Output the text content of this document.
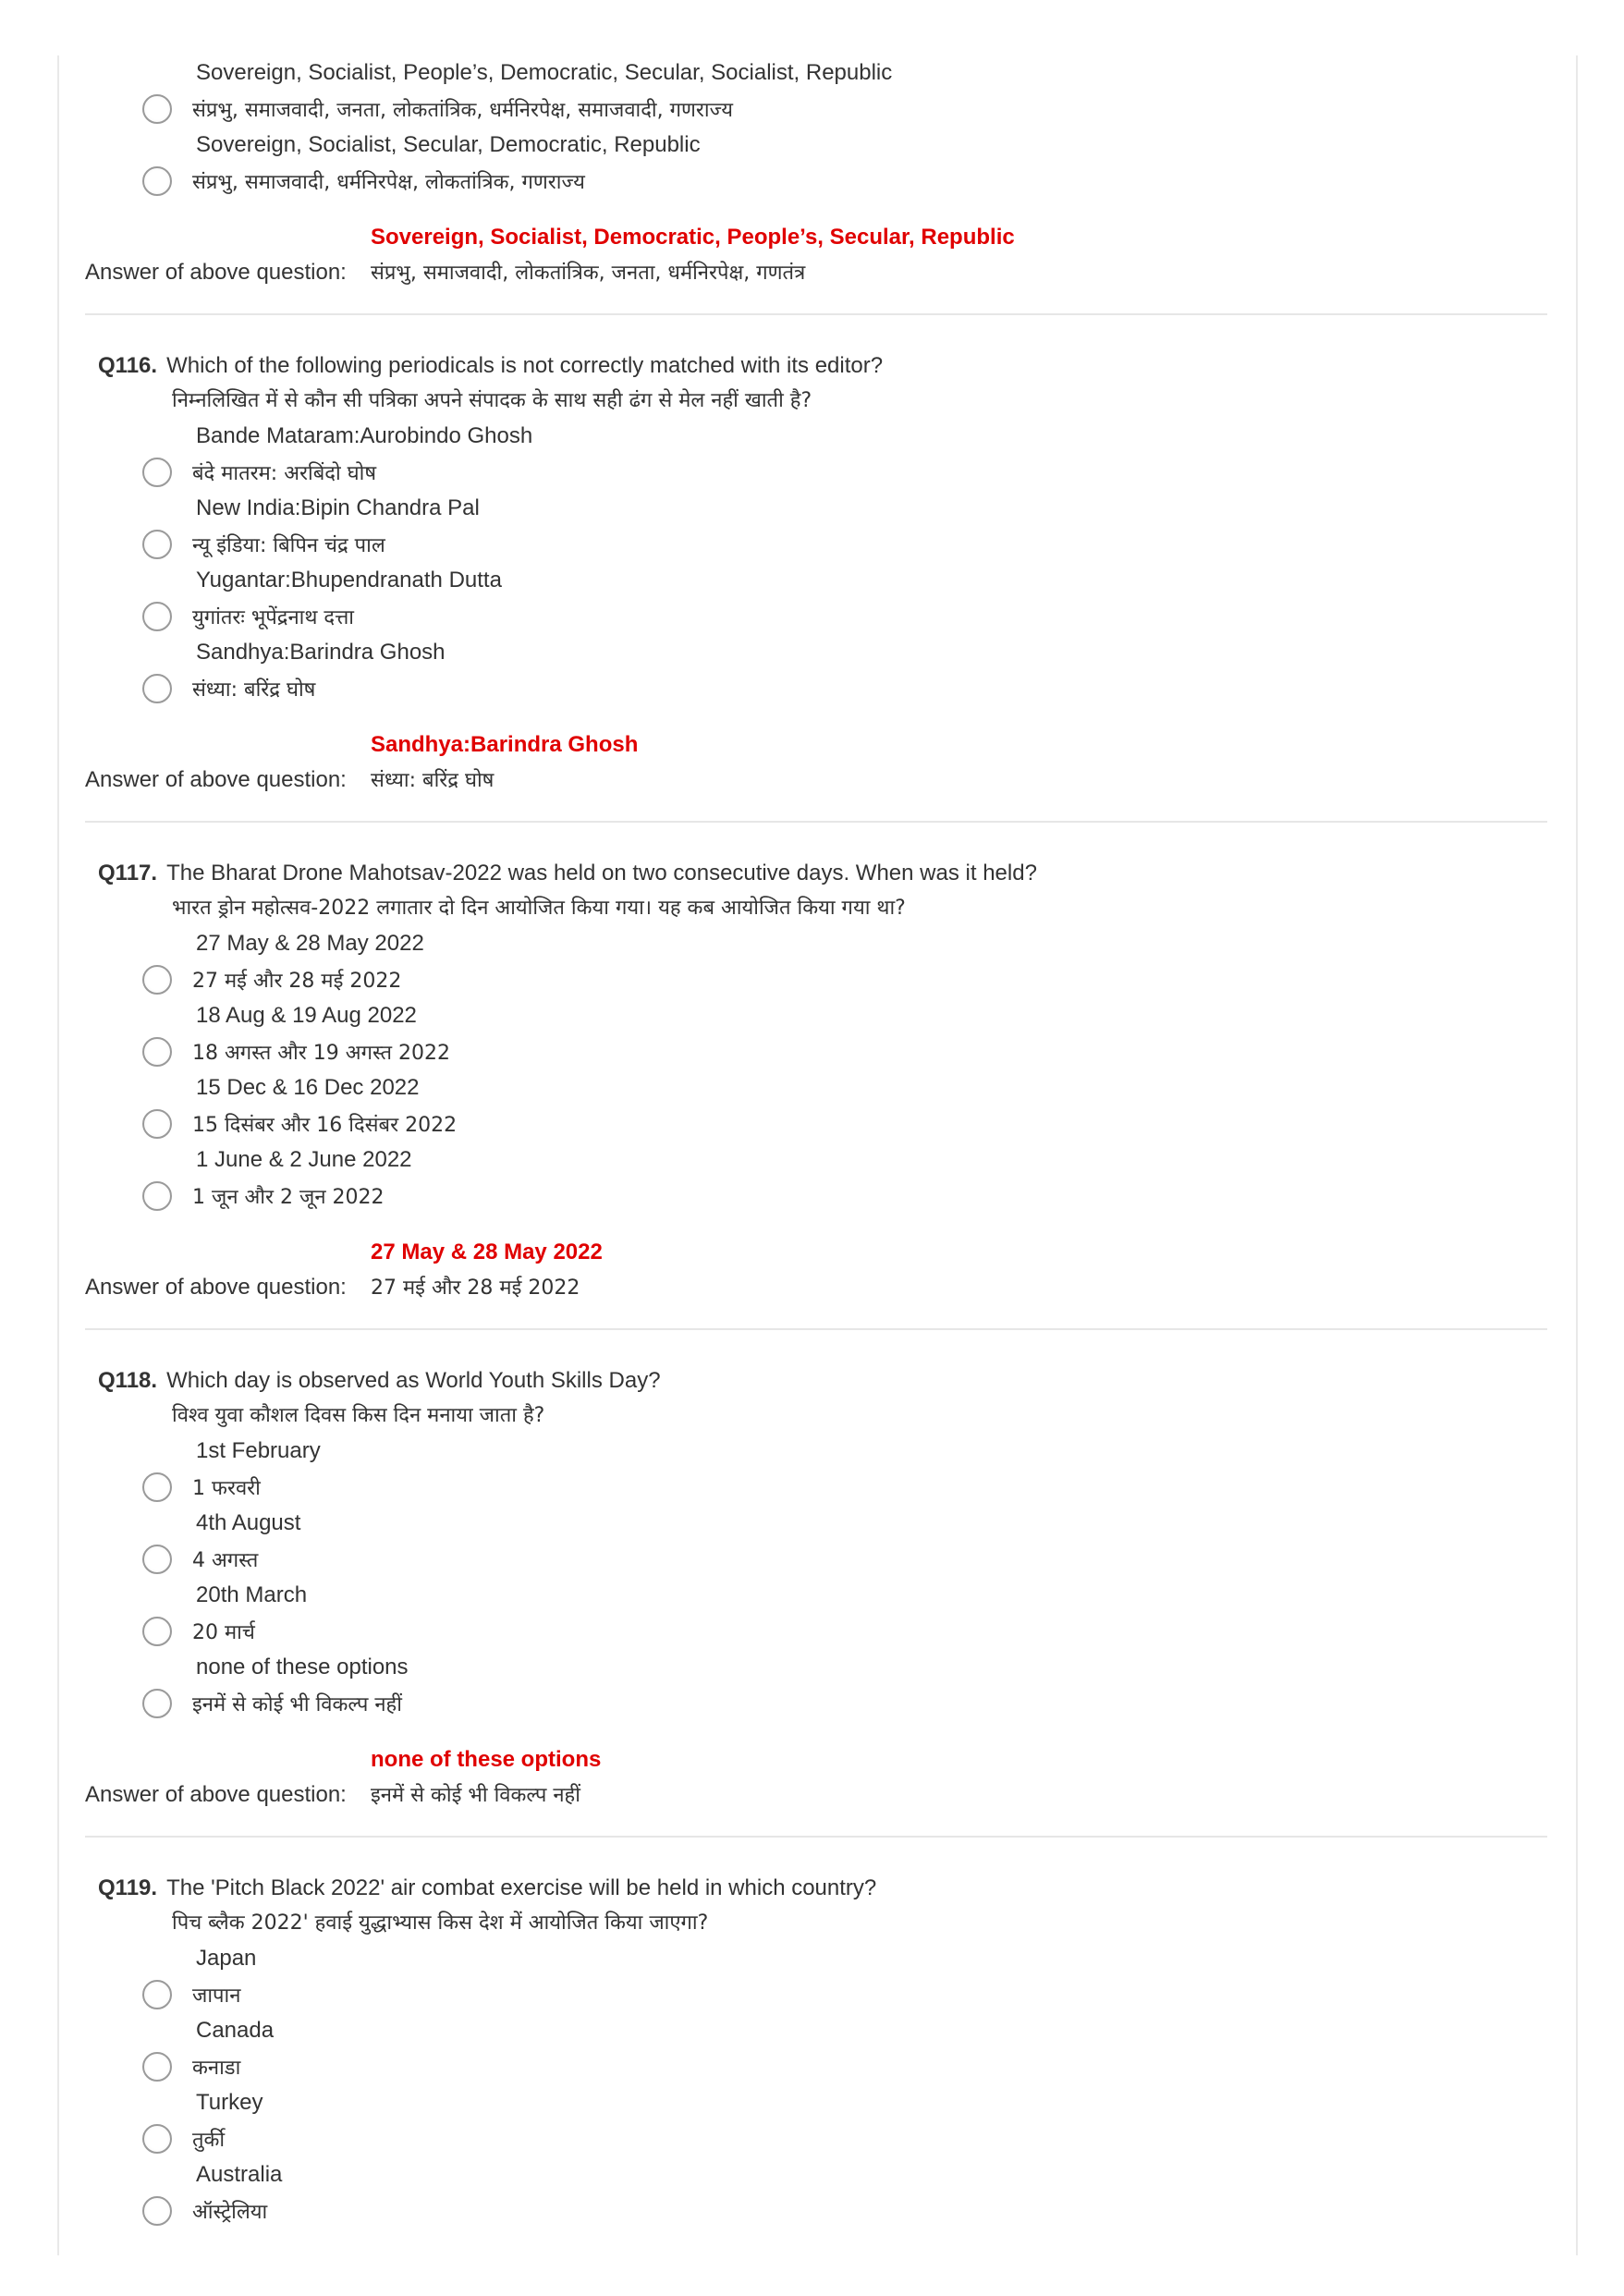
Sovereign, Socialist, People’s, Democratic, Secular, Socialist, Republic
संप्रभु, समाजवादी, जनता, लोकतांत्रिक, धर्मनिरपेक्ष, समाजवादी, गणराज्य
Sovereign, Socialist, Secular, Democratic, Republic
संप्रभु, समाजवादी, धर्मनिरपेक्ष, लोकतांत्रिक, गणराज्य
Sovereign, Socialist, Democratic, People’s, Secular, Republic
Answer of above question:	संप्रभु, समाजवादी, लोकतांत्रिक, जनता, धर्मनिरपेक्ष, गणतंत्र
Q116. Which of the following periodicals is not correctly matched with its editor?
निम्नलिखित में से कौन सी पत्रिका अपने संपादक के साथ सही ढंग से मेल नहीं खाती है?
Bande Mataram:Aurobindo Ghosh
बंदे मातरम: अरबिंदो घोष
New India:Bipin Chandra Pal
न्यू इंडिया: बिपिन चंद्र पाल
Yugantar:Bhupendranath Dutta
युगांतरः भूपेंद्रनाथ दत्ता
Sandhya:Barindra Ghosh
संध्या: बरिंद्र घोष
Sandhya:Barindra Ghosh
Answer of above question:	संध्या: बरिंद्र घोष
Q117. The Bharat Drone Mahotsav-2022 was held on two consecutive days. When was it held?
भारत ड्रोन महोत्सव-2022 लगातार दो दिन आयोजित किया गया। यह कब आयोजित किया गया था?
27 May & 28 May 2022
27 मई और 28 मई 2022
18 Aug & 19 Aug 2022
18 अगस्त और 19 अगस्त 2022
15 Dec & 16 Dec 2022
15 दिसंबर और 16 दिसंबर 2022
1 June & 2 June 2022
1 जून और 2 जून 2022
27 May & 28 May 2022
Answer of above question:	27 मई और 28 मई 2022
Q118. Which day is observed as World Youth Skills Day?
विश्व युवा कौशल दिवस किस दिन मनाया जाता है?
1st February
1 फरवरी
4th August
4 अगस्त
20th March
20 मार्च
none of these options
इनमें से कोई भी विकल्प नहीं
none of these options
Answer of above question:	इनमें से कोई भी विकल्प नहीं
Q119. The 'Pitch Black 2022' air combat exercise will be held in which country?
पिच ब्लैक 2022' हवाई युद्धाभ्यास किस देश में आयोजित किया जाएगा?
Japan
जापान
Canada
कनाडा
Turkey
तुर्की
Australia
ऑस्ट्रेलिया
